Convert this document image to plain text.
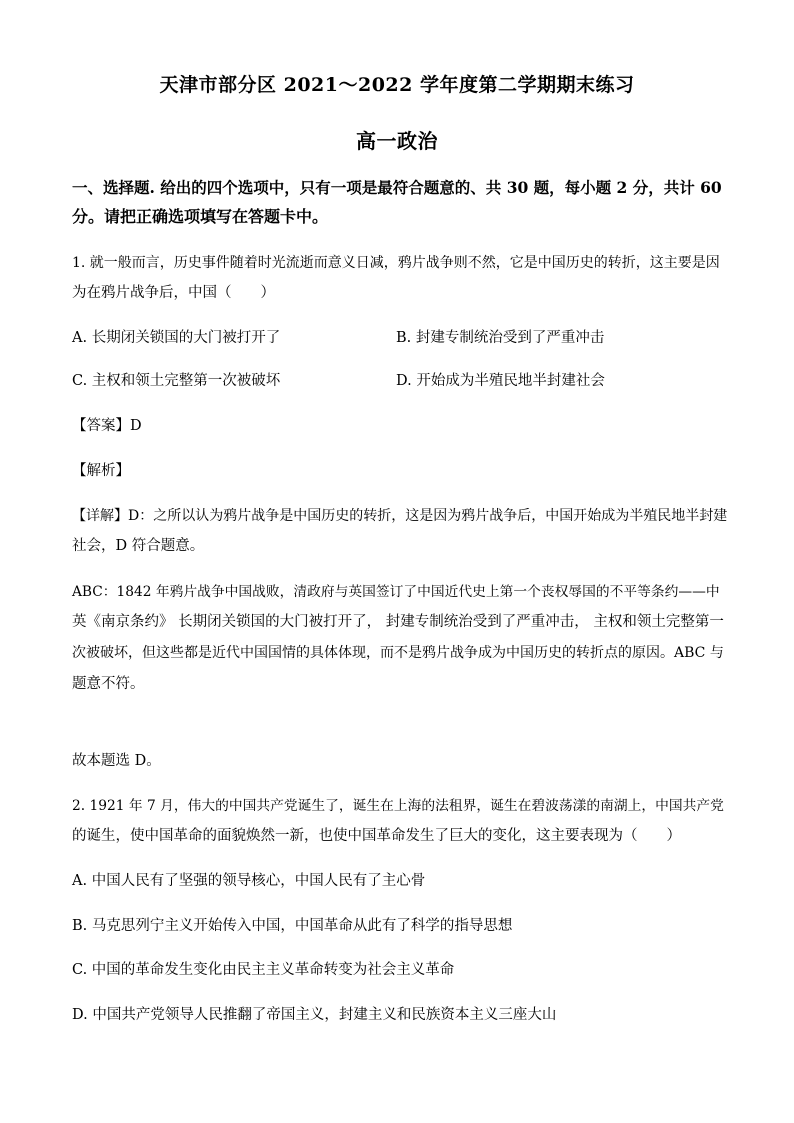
天津市部分区 2021～2022 学年度第二学期期末练习
高一政治
一、选择题. 给出的四个选项中，只有一项是最符合题意的、共 30 题，每小题 2 分，共计 60
分。请把正确选项填写在答题卡中。
1. 就一般而言，历史事件随着时光流逝而意义日减，鸦片战争则不然，它是中国历史的转折，这主要是因
为在鸦片战争后，中国（　　）
A. 长期闭关锁国的大门被打开了	B. 封建专制统治受到了严重冲击
C. 主权和领土完整第一次被破坏	D. 开始成为半殖民地半封建社会
【答案】D
【解析】
【详解】D：之所以认为鸦片战争是中国历史的转折，这是因为鸦片战争后，中国开始成为半殖民地半封建
社会，D 符合题意。
ABC：1842 年鸦片战争中国战败，清政府与英国签订了中国近代史上第一个丧权辱国的不平等条约——中
英《南京条约》 长期闭关锁国的大门被打开了， 封建专制统治受到了严重冲击， 主权和领土完整第一
次被破坏，但这些都是近代中国国情的具体体现，而不是鸦片战争成为中国历史的转折点的原因。ABC 与
题意不符。
故本题选 D。
2. 1921 年 7 月，伟大的中国共产党诞生了，诞生在上海的法租界，诞生在碧波荡漾的南湖上，中国共产党
的诞生，使中国革命的面貌焕然一新，也使中国革命发生了巨大的变化，这主要表现为（　　）
A. 中国人民有了坚强的领导核心，中国人民有了主心骨
B. 马克思列宁主义开始传入中国，中国革命从此有了科学的指导思想
C. 中国的革命发生变化由民主主义革命转变为社会主义革命
D. 中国共产党领导人民推翻了帝国主义，封建主义和民族资本主义三座大山
